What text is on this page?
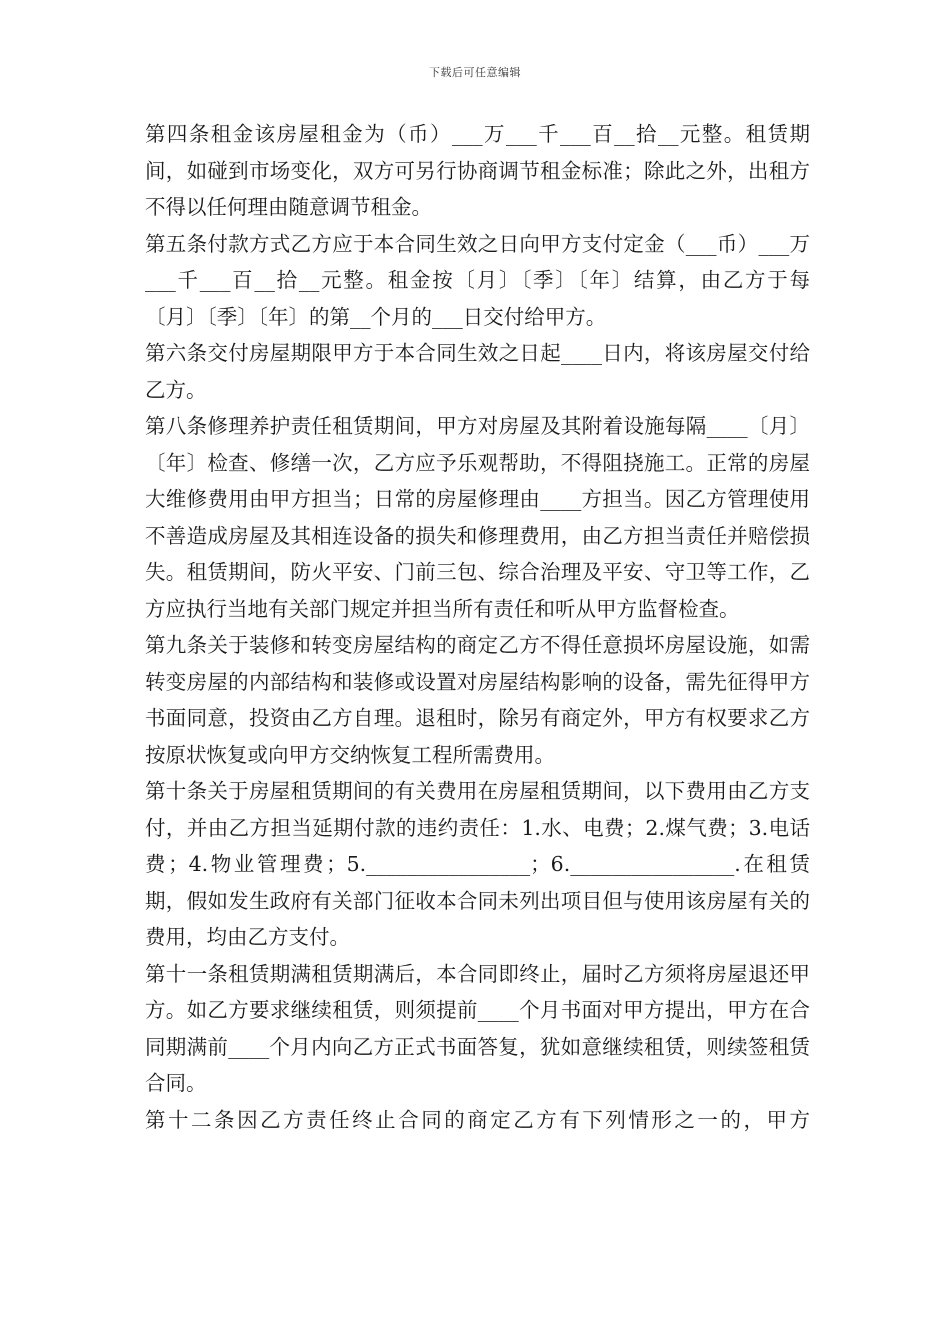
下载后可任意编辑

第四条租金该房屋租金为（币）___万___千___百__拾__元整。租赁期间，如碰到市场变化，双方可另行协商调节租金标准；除此之外，出租方不得以任何理由随意调节租金。

第五条付款方式乙方应于本合同生效之日向甲方支付定金（___币）___万___千___百__拾__元整。租金按〔月〕〔季〕〔年〕结算，由乙方于每〔月〕〔季〕〔年〕的第__个月的___日交付给甲方。

第六条交付房屋期限甲方于本合同生效之日起____日内，将该房屋交付给乙方。

第八条修理养护责任租赁期间，甲方对房屋及其附着设施每隔____〔月〕〔年〕检查、修缮一次，乙方应予乐观帮助，不得阻挠施工。正常的房屋大维修费用由甲方担当；日常的房屋修理由____方担当。因乙方管理使用不善造成房屋及其相连设备的损失和修理费用，由乙方担当责任并赔偿损失。租赁期间，防火平安、门前三包、综合治理及平安、守卫等工作，乙方应执行当地有关部门规定并担当所有责任和听从甲方监督检查。

第九条关于装修和转变房屋结构的商定乙方不得任意损坏房屋设施，如需转变房屋的内部结构和装修或设置对房屋结构影响的设备，需先征得甲方书面同意，投资由乙方自理。退租时，除另有商定外，甲方有权要求乙方按原状恢复或向甲方交纳恢复工程所需费用。

第十条关于房屋租赁期间的有关费用在房屋租赁期间，以下费用由乙方支付，并由乙方担当延期付款的违约责任：1.水、电费；2.煤气费；3.电话费；4.物业管理费；5.________________；6.________________.在租赁期，假如发生政府有关部门征收本合同未列出项目但与使用该房屋有关的费用，均由乙方支付。

第十一条租赁期满租赁期满后，本合同即终止，届时乙方须将房屋退还甲方。如乙方要求继续租赁，则须提前____个月书面对甲方提出，甲方在合同期满前____个月内向乙方正式书面答复，犹如意继续租赁，则续签租赁合同。

第十二条因乙方责任终止合同的商定乙方有下列情形之一的，甲方
